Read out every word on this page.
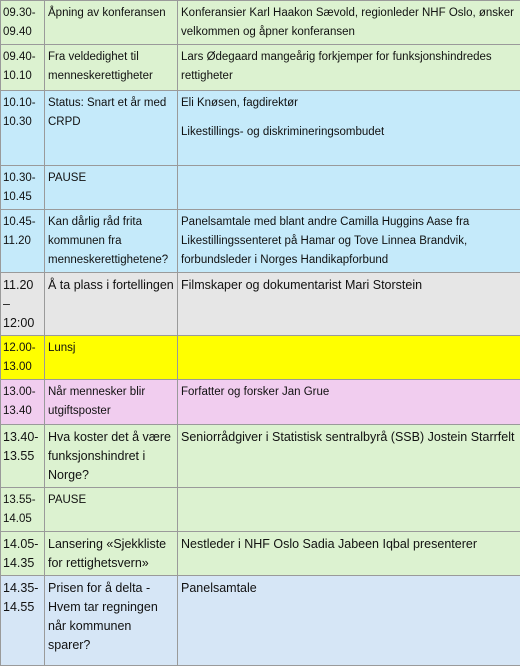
09.30-
09.40	Åpning av konferansen	Konferansier Karl Haakon Sævold, regionleder NHF Oslo, ønsker velkommen og åpner konferansen
09.40-
10.10	Fra veldedighet til menneskerettigheter	Lars Ødegaard mangeårig forkjemper for funksjonshindredes rettigheter
10.10-
10.30	Status: Snart et år med CRPD	Eli Knøsen, fagdirektør
Likestillings- og diskrimineringsombudet

10.30-
10.45	PAUSE	
10.45-
11.20	Kan dårlig råd frita kommunen fra menneskerettighetene?	Panelsamtale med blant andre Camilla Huggins Aase fra Likestillingssenteret på Hamar og Tove Linnea Brandvik, forbundsleder i Norges Handikapforbund
11.20
–
12:00	Å ta plass i fortellingen	Filmskaper og dokumentarist Mari Storstein
12.00-
13.00	Lunsj	
13.00-
13.40	Når mennesker blir utgiftsposter	Forfatter og forsker Jan Grue
13.40-
13.55	Hva koster det å være funksjonshindret i Norge?	Seniorrådgiver i Statistisk sentralbyrå (SSB) Jostein Starrfelt
13.55-
14.05	PAUSE	
14.05-
14.35	Lansering «Sjekkliste for rettighetsvern»	Nestleder i NHF Oslo Sadia Jabeen Iqbal presenterer
14.35-
14.55	Prisen for å delta - Hvem tar regningen når kommunen sparer?	Panelsamtale
